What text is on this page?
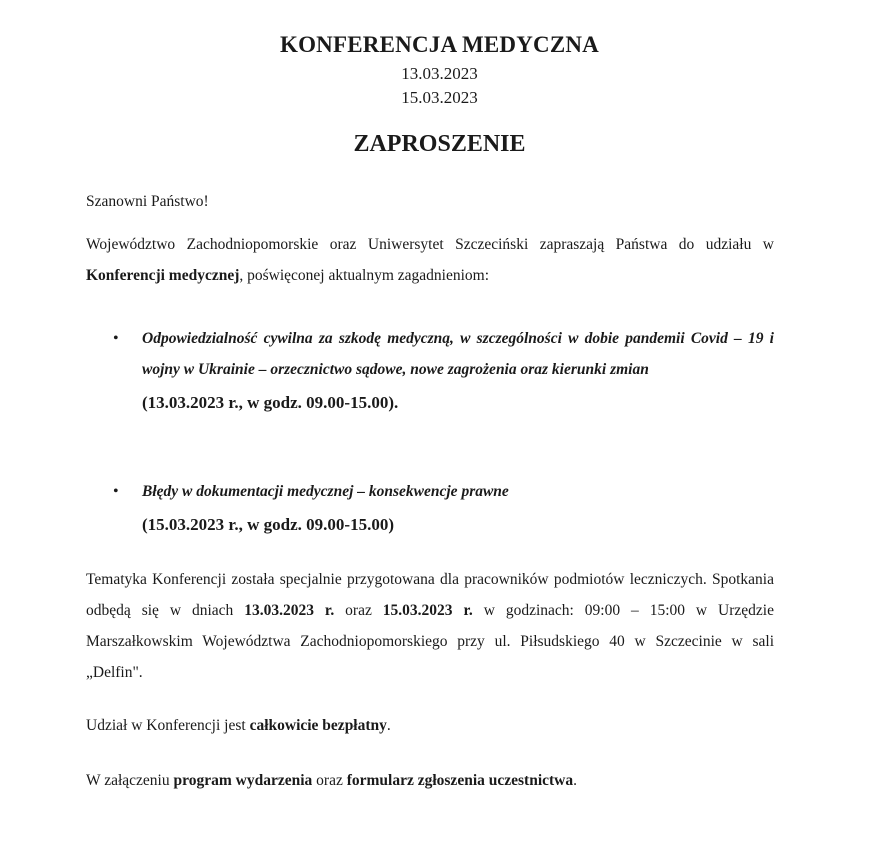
KONFERENCJA MEDYCZNA
13.03.2023
15.03.2023
ZAPROSZENIE
Szanowni Państwo!
Województwo Zachodniopomorskie oraz Uniwersytet Szczeciński zapraszają Państwa do udziału w Konferencji medycznej, poświęconej aktualnym zagadnieniom:
• Odpowiedzialność cywilna za szkodę medyczną, w szczególności w dobie pandemii Covid – 19 i wojny w Ukrainie – orzecznictwo sądowe, nowe zagrożenia oraz kierunki zmian
(13.03.2023 r., w godz. 09.00-15.00).
• Błędy w dokumentacji medycznej – konsekwencje prawne
(15.03.2023 r., w godz. 09.00-15.00)
Tematyka Konferencji została specjalnie przygotowana dla pracowników podmiotów leczniczych. Spotkania odbędą się w dniach 13.03.2023 r. oraz 15.03.2023 r. w godzinach: 09:00 – 15:00 w Urzędzie Marszałkowskim Województwa Zachodniopomorskiego przy ul. Piłsudskiego 40 w Szczecinie w sali „Delfin".
Udział w Konferencji jest całkowicie bezpłatny.
W załączeniu program wydarzenia oraz formularz zgłoszenia uczestnictwa.
